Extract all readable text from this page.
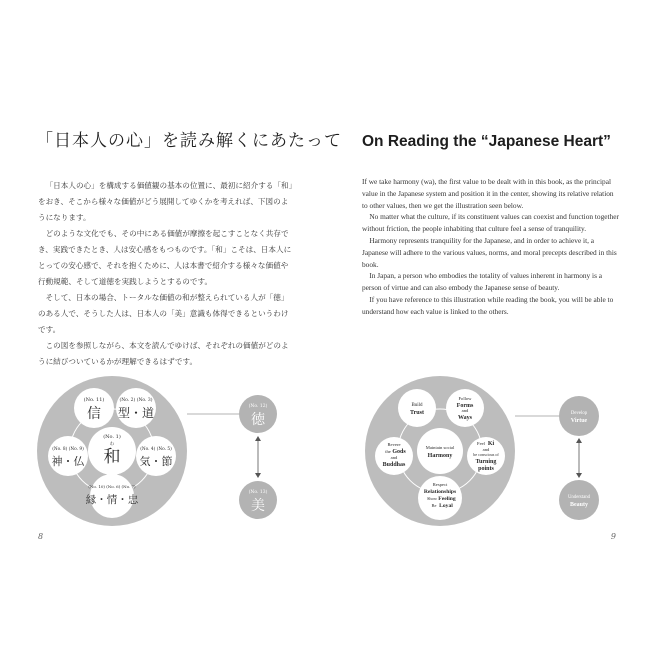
「日本人の心」を読み解くにあたって

「日本人の心」を構成する価値観の基本の位置に、最初に紹介する「和」をおき、そこから様々な価値がどう展開してゆくかを考えれば、下図のようになります。

どのような文化でも、その中にある価値が摩擦を起こすことなく共存でき、実践できたとき、人は安心感をもつものです。「和」こそは、日本人にとっての安心感で、それを抱くために、人は本書で紹介する様々な価値や行動規範、そして道徳を実践しようとするのです。

そして、日本の場合、トータルな価値の和が整えられている人が「徳」のある人で、そうした人は、日本人の「美」意識も体得できるというわけです。

この図を参照しながら、本文を読んでゆけば、それぞれの価値がどのように結びついているかが理解できるはずです。

(No. 11)
信
(No. 2) (No. 3)
型・道
(No. 1)
わ
和
(No. 8) (No. 9)
神・仏
(No. 4) (No. 5)
気・節
(No. 10) (No. 6) (No. 7)
縁・情・忠
(No. 12)
徳
(No. 13)
美
8
On Reading the “Japanese Heart”

If we take harmony (wa), the first value to be dealt with in this book, as the principal value in the Japanese system and position it in the center, showing its relative relation to other values, then we get the illustration seen below.

No matter what the culture, if its constituent values can coexist and function together without friction, the people inhabiting that culture feel a sense of tranquility.

Harmony represents tranquility for the Japanese, and in order to achieve it, a Japanese will adhere to the various values, norms, and moral precepts described in this book.

In Japan, a person who embodies the totality of values inherent in harmony is a person of virtue and can also embody the Japanese sense of beauty.

If you have reference to this illustration while reading the book, you will be able to understand how each value is linked to the others.

Build
Trust
Follow
Forms
and
Ways
Maintain social
Harmony
Revere
the Gods
and
Buddhas
Feel Ki
and
be conscious of
Turning
points
Respect
Relationships
Show Feeling
Be Loyal
Develop
Virtue
Understand
Beauty
9
